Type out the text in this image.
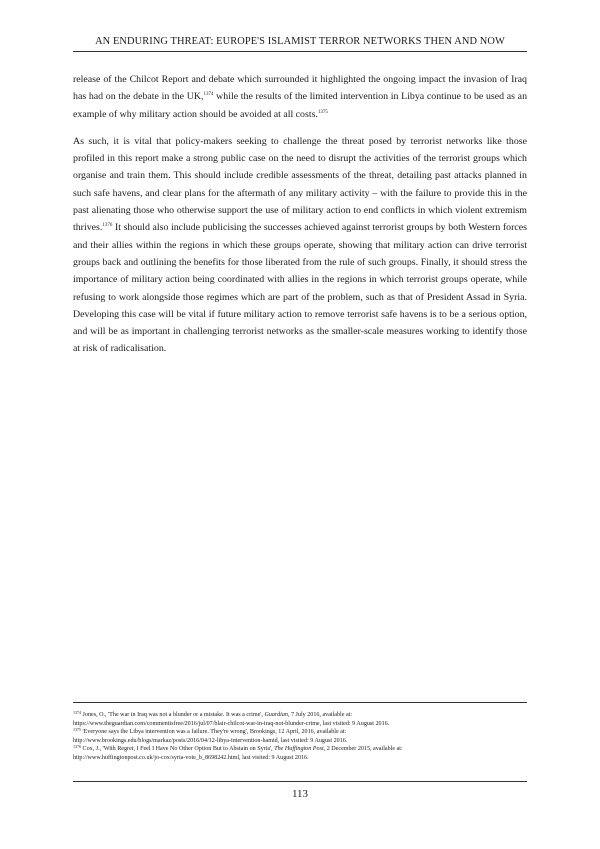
AN ENDURING THREAT: EUROPE'S ISLAMIST TERROR NETWORKS THEN AND NOW

release of the Chilcot Report and debate which surrounded it highlighted the ongoing impact the invasion of Iraq has had on the debate in the UK,$^{1374}$ while the results of the limited intervention in Libya continue to be used as an example of why military action should be avoided at all costs.$^{1375}$

As such, it is vital that policy-makers seeking to challenge the threat posed by terrorist networks like those profiled in this report make a strong public case on the need to disrupt the activities of the terrorist groups which organise and train them. This should include credible assessments of the threat, detailing past attacks planned in such safe havens, and clear plans for the aftermath of any military activity – with the failure to provide this in the past alienating those who otherwise support the use of military action to end conflicts in which violent extremism thrives.$^{1376}$ It should also include publicising the successes achieved against terrorist groups by both Western forces and their allies within the regions in which these groups operate, showing that military action can drive terrorist groups back and outlining the benefits for those liberated from the rule of such groups. Finally, it should stress the importance of military action being coordinated with allies in the regions in which terrorist groups operate, while refusing to work alongside those regimes which are part of the problem, such as that of President Assad in Syria. Developing this case will be vital if future military action to remove terrorist safe havens is to be a serious option, and will be as important in challenging terrorist networks as the smaller-scale measures working to identify those at risk of radicalisation.

$^{1374}$ Jones, O., 'The war in Iraq was not a blunder or a mistake. It was a crime', Guardian, 7 July 2016, available at:
https://www.theguardian.com/commentisfree/2016/jul/07/blair-chilcot-war-in-iraq-not-blunder-crime, last visited: 9 August 2016.
$^{1375}$ 'Everyone says the Libya intervention was a failure. They're wrong', Brookings, 12 April, 2016, available at:
http://www.brookings.edu/blogs/markaz/posts/2016/04/12-libya-intervention-hamid, last visited: 9 August 2016.
$^{1376}$ Cox, J., 'With Regret, I Feel I Have No Other Option But to Abstain on Syria', The Huffington Post, 2 December 2015, available at:
http://www.huffingtonpost.co.uk/jo-cox/syria-vote_b_8698242.html, last visited: 9 August 2016.
113
